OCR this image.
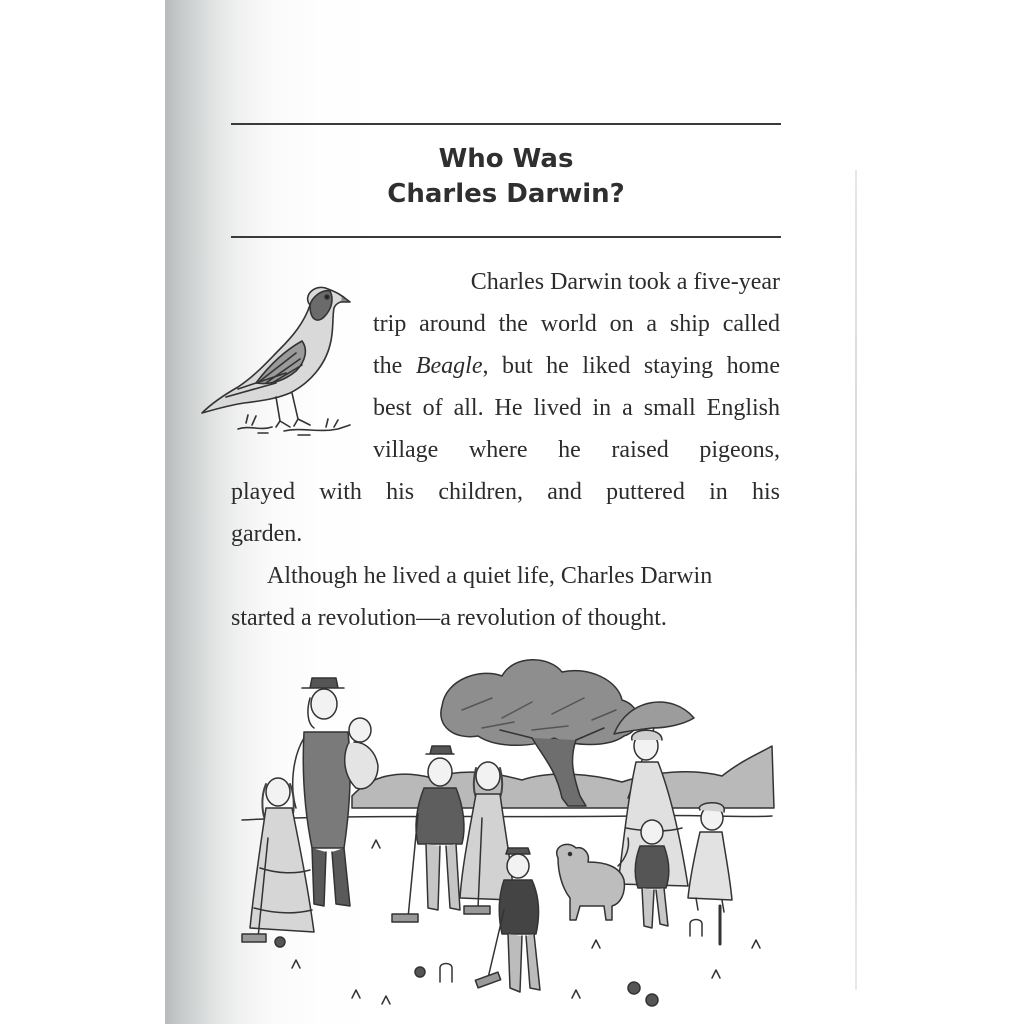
Who Was
Charles Darwin?

Charles Darwin took a five-year
trip around the world on a ship called
the Beagle, but he liked staying home
best of all. He lived in a small English
village where he raised pigeons,

played with his children, and puttered in his
garden.

Although he lived a quiet life, Charles Darwin
started a revolution—a revolution of thought.
